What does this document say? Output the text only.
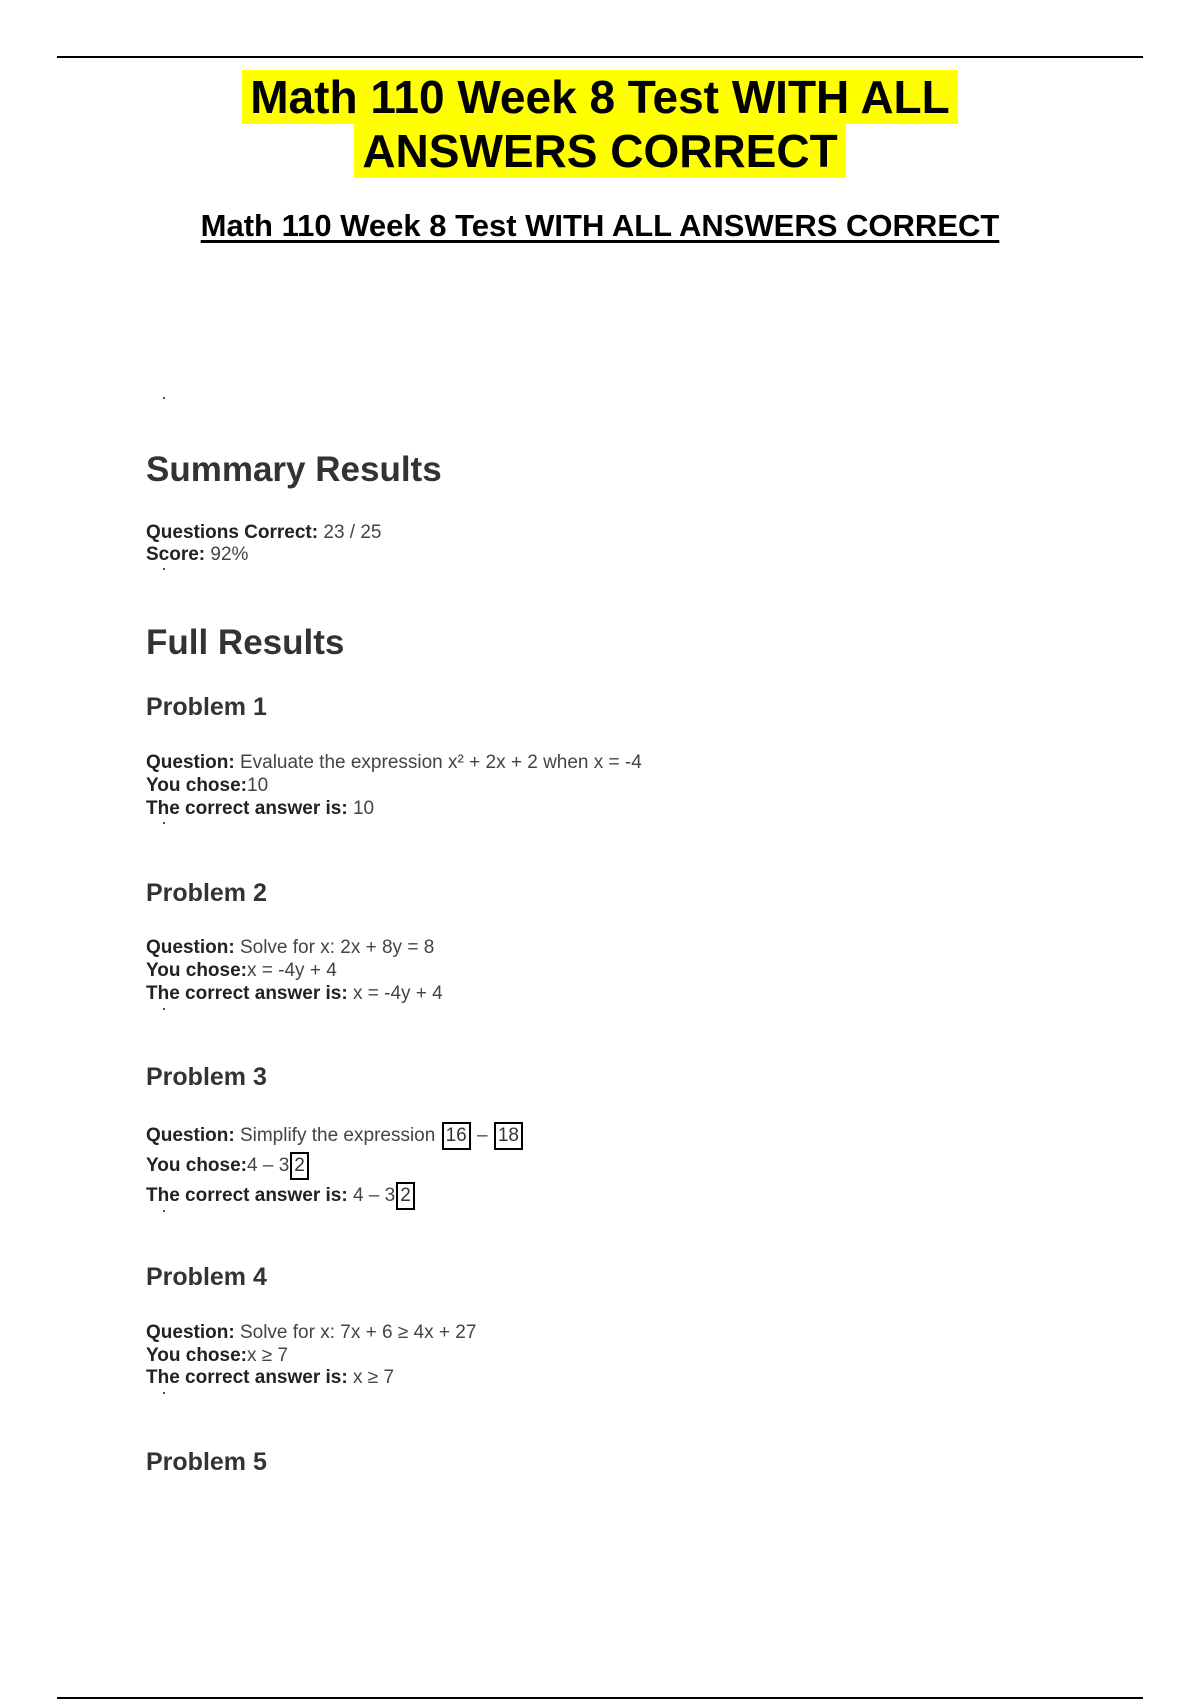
Math 110 Week 8 Test WITH ALL
ANSWERS CORRECT
Math 110 Week 8 Test WITH ALL ANSWERS CORRECT
Summary Results
Questions Correct: 23 / 25
Score: 92%
Full Results
Problem 1
Question: Evaluate the expression x² + 2x + 2 when x = -4
You chose:10
The correct answer is: 10
Problem 2
Question: Solve for x: 2x + 8y = 8
You chose:x = -4y + 4
The correct answer is: x = -4y + 4
Problem 3
Question: Simplify the expression 16 – 18
You chose:4 – 3 2
The correct answer is: 4 – 3 2
Problem 4
Question: Solve for x: 7x + 6 ≥ 4x + 27
You chose:x ≥ 7
The correct answer is: x ≥ 7
Problem 5
